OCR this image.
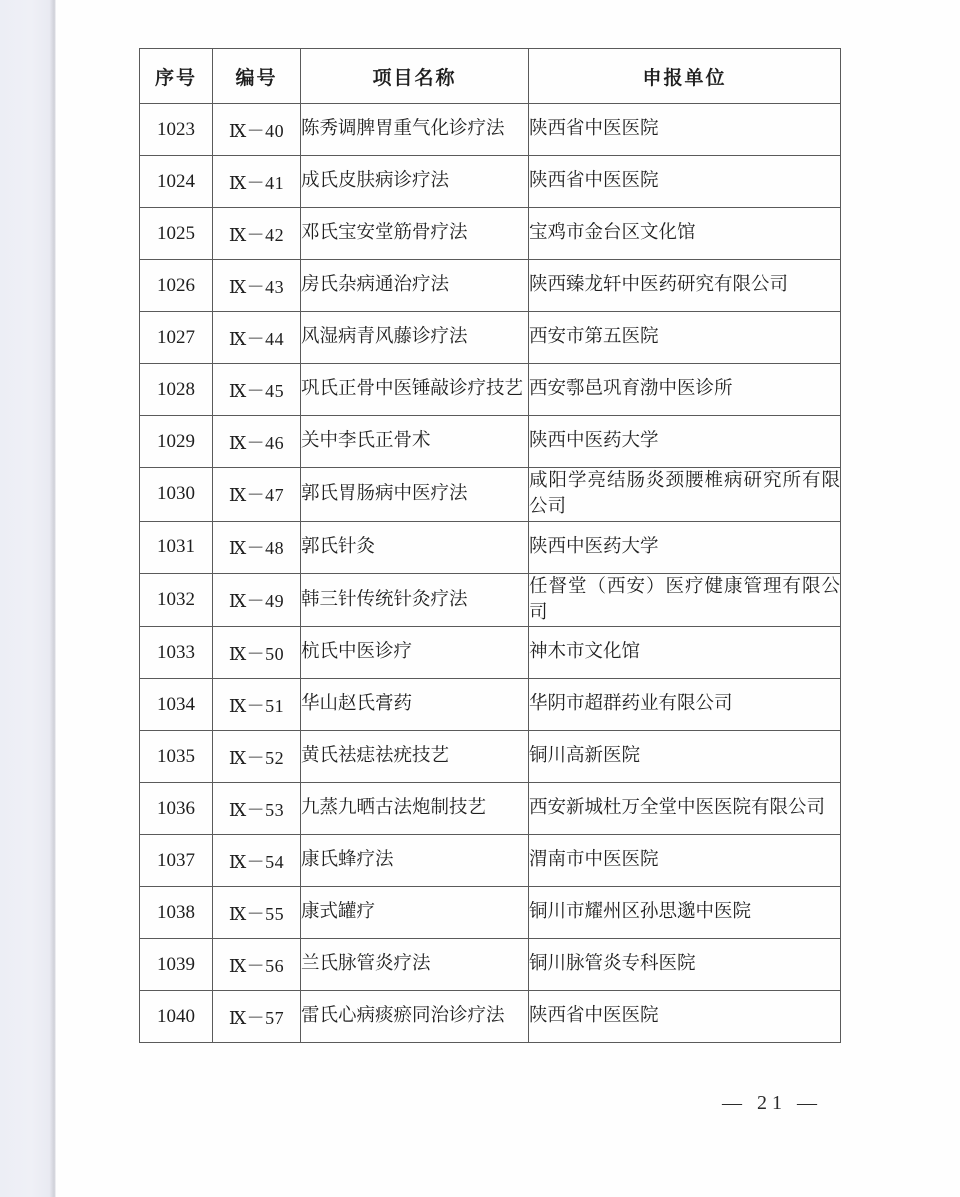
序号	编号	项目名称	申报单位
1023	Ⅸ－40	陈秀调脾胃重气化诊疗法	陕西省中医医院
1024	Ⅸ－41	成氏皮肤病诊疗法	陕西省中医医院
1025	Ⅸ－42	邓氏宝安堂筋骨疗法	宝鸡市金台区文化馆
1026	Ⅸ－43	房氏杂病通治疗法	陕西臻龙轩中医药研究有限公司
1027	Ⅸ－44	风湿病青风藤诊疗法	西安市第五医院
1028	Ⅸ－45	巩氏正骨中医锤敲诊疗技艺	西安鄠邑巩育渤中医诊所
1029	Ⅸ－46	关中李氏正骨术	陕西中医药大学
1030	Ⅸ－47	郭氏胃肠病中医疗法	咸阳学亮结肠炎颈腰椎病研究所有限公司
1031	Ⅸ－48	郭氏针灸	陕西中医药大学
1032	Ⅸ－49	韩三针传统针灸疗法	任督堂（西安）医疗健康管理有限公司
1033	Ⅸ－50	杭氏中医诊疗	神木市文化馆
1034	Ⅸ－51	华山赵氏膏药	华阴市超群药业有限公司
1035	Ⅸ－52	黄氏祛痣祛疣技艺	铜川高新医院
1036	Ⅸ－53	九蒸九晒古法炮制技艺	西安新城杜万全堂中医医院有限公司
1037	Ⅸ－54	康氏蜂疗法	渭南市中医医院
1038	Ⅸ－55	康式罐疗	铜川市耀州区孙思邈中医院
1039	Ⅸ－56	兰氏脉管炎疗法	铜川脉管炎专科医院
1040	Ⅸ－57	雷氏心病痰瘀同治诊疗法	陕西省中医医院
— 21 —
